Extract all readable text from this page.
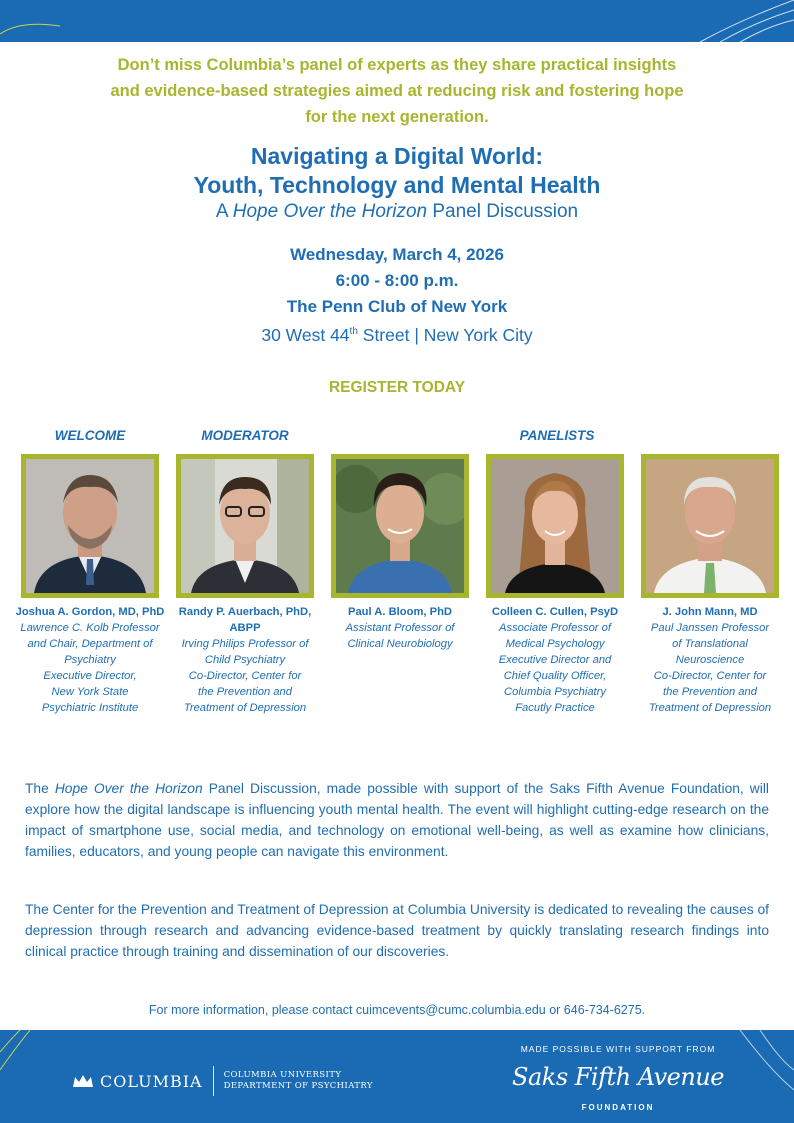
Don’t miss Columbia’s panel of experts as they share practical insights
and evidence-based strategies aimed at reducing risk and fostering hope
for the next generation.
Navigating a Digital World:
Youth, Technology and Mental Health
A Hope Over the Horizon Panel Discussion
Wednesday, March 4, 2026
6:00 - 8:00 p.m.
The Penn Club of New York
30 West 44th Street | New York City
REGISTER TODAY
WELCOME	MODERATOR	PANELISTS
Joshua A. Gordon, MD, PhD
Lawrence C. Kolb Professor
and Chair, Department of
Psychiatry
Executive Director,
New York State
Psychiatric Institute
Randy P. Auerbach, PhD, ABPP
Irving Philips Professor of
Child Psychiatry
Co-Director, Center for
the Prevention and
Treatment of Depression
Paul A. Bloom, PhD
Assistant Professor of
Clinical Neurobiology
Colleen C. Cullen, PsyD
Associate Professor of
Medical Psychology
Executive Director and
Chief Quality Officer,
Columbia Psychiatry
Facutly Practice
J. John Mann, MD
Paul Janssen Professor
of Translational
Neuroscience
Co-Director, Center for
the Prevention and
Treatment of Depression

The Hope Over the Horizon Panel Discussion, made possible with support of the Saks Fifth Avenue Foundation, will explore how the digital landscape is influencing youth mental health. The event will highlight cutting-edge research on the impact of smartphone use, social media, and technology on emotional well-being, as well as examine how clinicians, families, educators, and young people can navigate this environment.

The Center for the Prevention and Treatment of Depression at Columbia University is dedicated to revealing the causes of depression through research and advancing evidence-based treatment by quickly translating research findings into clinical practice through training and dissemination of our discoveries.

For more information, please contact cuimcevents@cumc.columbia.edu or 646-734-6275.
COLUMBIA COLUMBIA UNIVERSITY
DEPARTMENT OF PSYCHIATRY
MADE POSSIBLE WITH SUPPORT FROM
Saks Fifth Avenue
FOUNDATION
